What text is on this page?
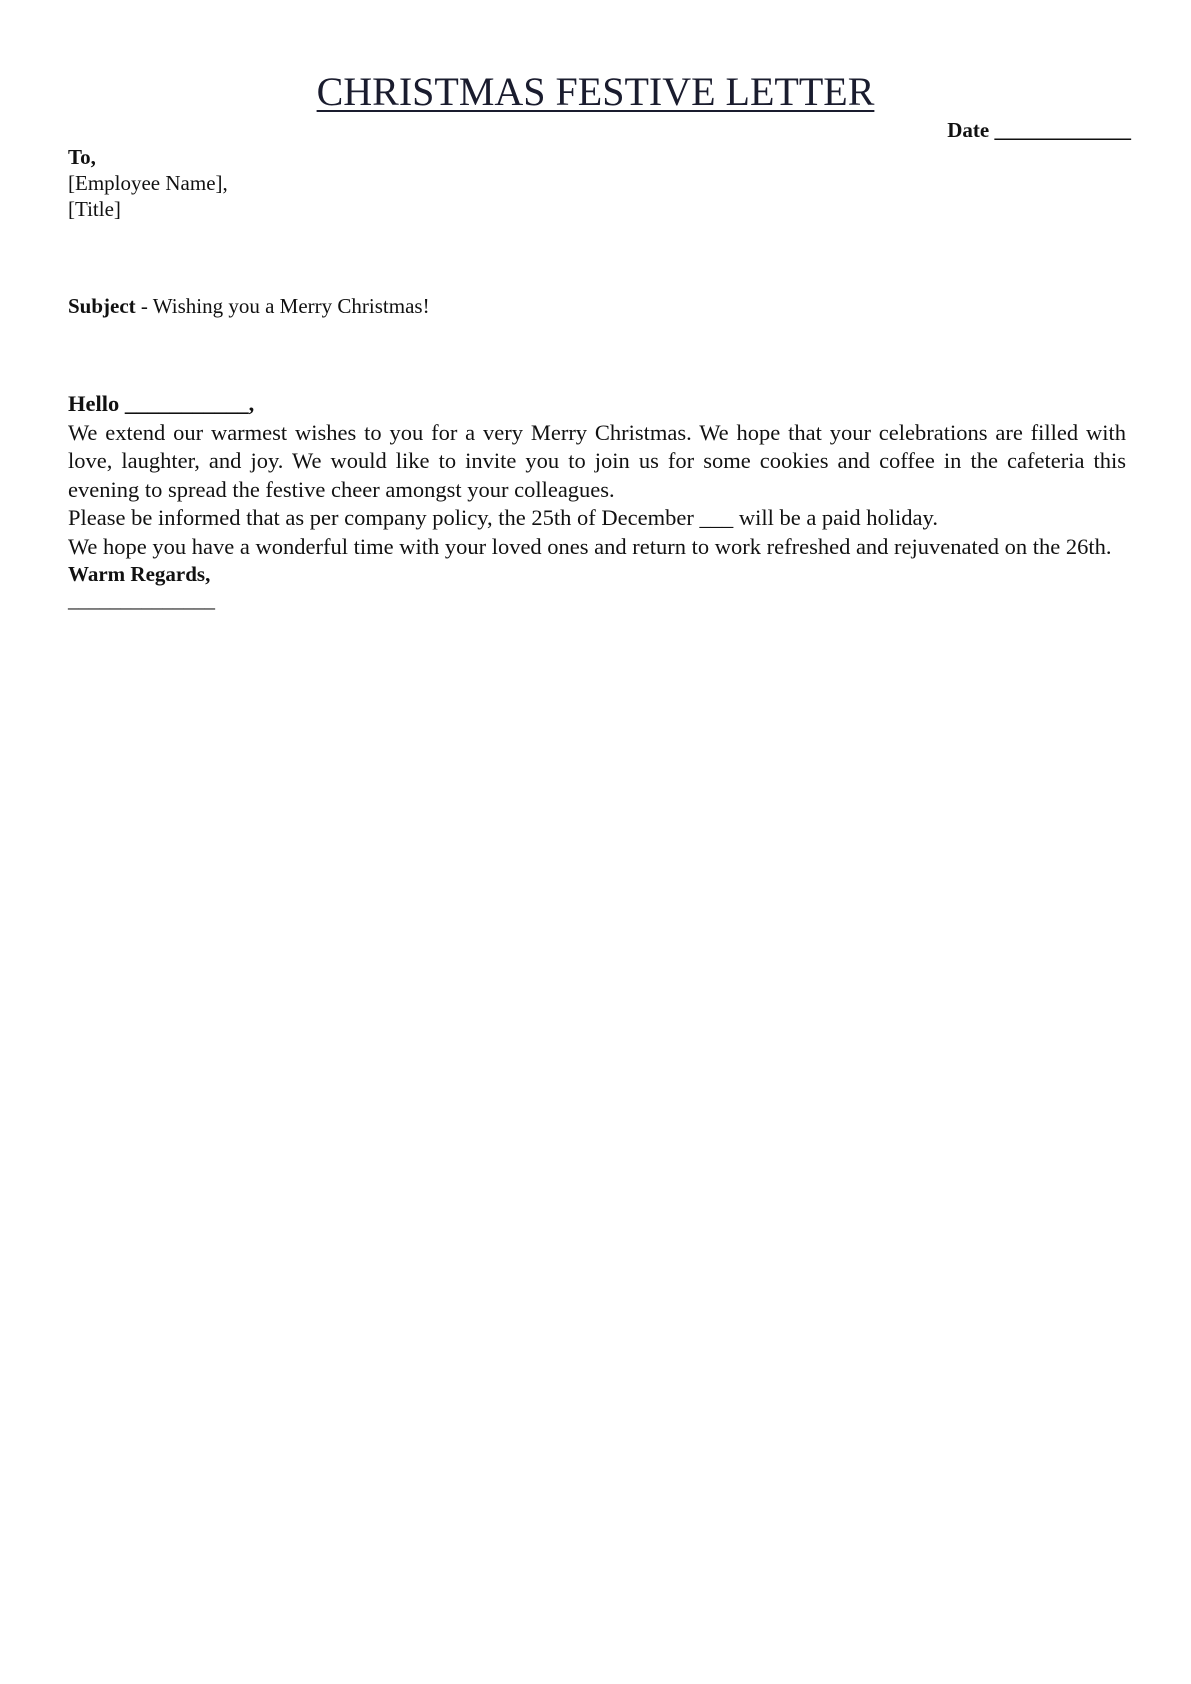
CHRISTMAS FESTIVE LETTER
Date _____________
To,
[Employee Name],
[Title]
Subject - Wishing you a Merry Christmas!
Hello ___________,

We extend our warmest wishes to you for a very Merry Christmas. We hope that your celebrations are filled with love, laughter, and joy. We would like to invite you to join us for some cookies and coffee in the cafeteria this evening to spread the festive cheer amongst your colleagues.

Please be informed that as per company policy, the 25th of December ___ will be a paid holiday.

We hope you have a wonderful time with your loved ones and return to work refreshed and rejuvenated on the 26th.

Warm Regards,
______________
